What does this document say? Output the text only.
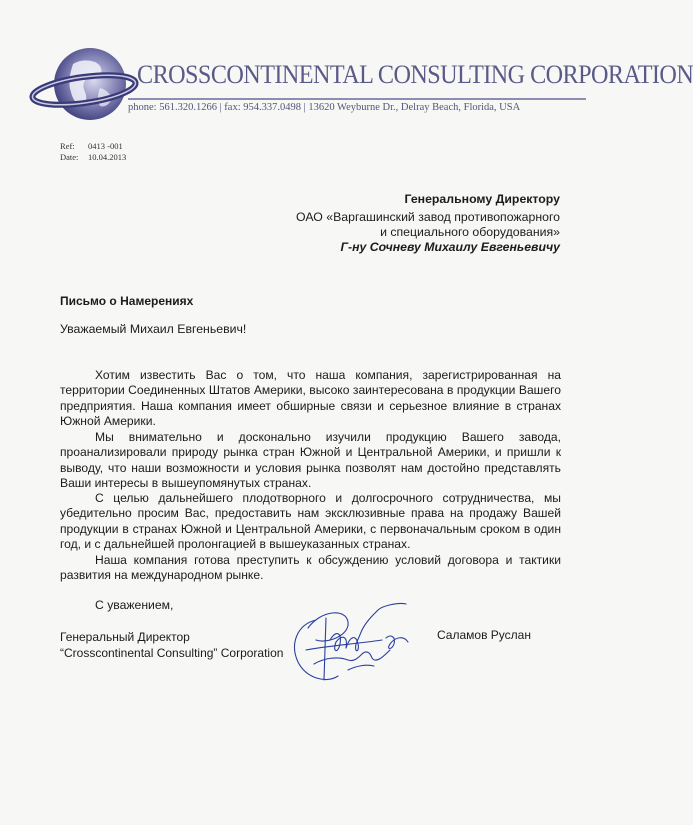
CROSSCONTINENTAL CONSULTING CORPORATION
phone: 561.320.1266 | fax: 954.337.0498 | 13620 Weyburne Dr., Delray Beach, Florida, USA
Ref: 0413 -001
Date: 10.04.2013
Генеральному Директору
ОАО «Варгашинский завод противопожарного
и специального оборудования»
Г-ну Сочневу Михаилу Евгеньевичу
Письмо о Намерениях
Уважаемый Михаил Евгеньевич!

Хотим известить Вас о том, что наша компания, зарегистрированная на территории Соединенных Штатов Америки, высоко заинтересована в продукции Вашего предприятия. Наша компания имеет обширные связи и серьезное влияние в странах Южной Америки.

Мы внимательно и досконально изучили продукцию Вашего завода, проанализировали природу рынка стран Южной и Центральной Америки, и пришли к выводу, что наши возможности и условия рынка позволят нам достойно представлять Ваши интересы в вышеупомянутых странах.

С целью дальнейшего плодотворного и долгосрочного сотрудничества, мы убедительно просим Вас, предоставить нам эксклюзивные права на продажу Вашей продукции в странах Южной и Центральной Америки, с первоначальным сроком в один год, и с дальнейшей пролонгацией в вышеуказанных странах.

Наша компания готова преступить к обсуждению условий договора и тактики развития на международном рынке.

С уважением,
Генеральный Директор
“Crosscontinental Consulting” Corporation
Саламов Руслан
